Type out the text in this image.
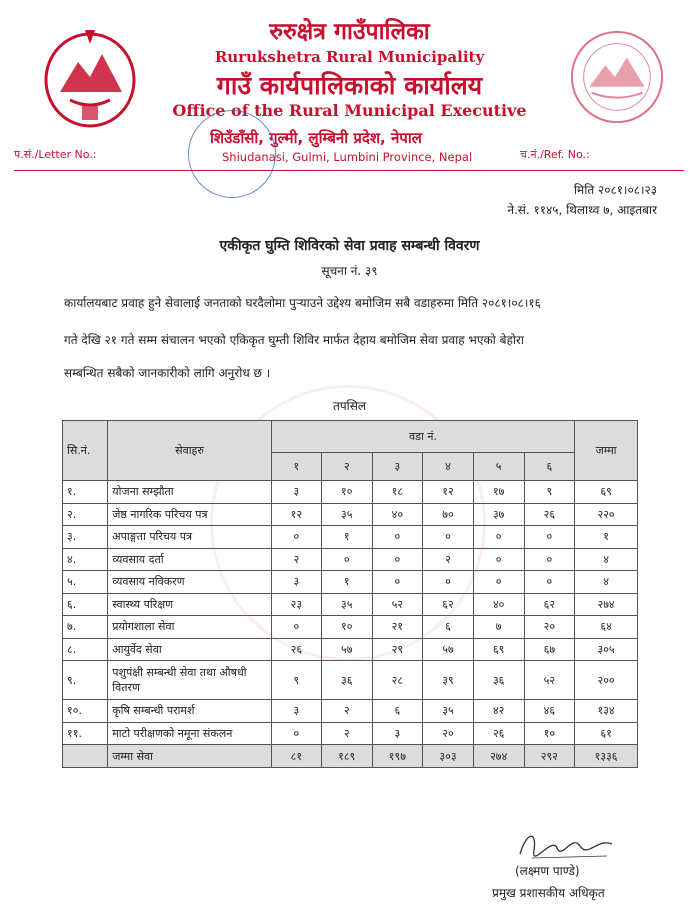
रुरुक्षेत्र गाउँपालिका
Rurukshetra Rural Municipality
गाउँ कार्यपालिकाको कार्यालय
Office of the Rural Municipal Executive
शिउँडाँसी, गुल्मी, लुम्बिनी प्रदेश, नेपाल
Shiudanasi, Gulmi, Lumbini Province, Nepal
प.सं./Letter No.:	च.नं./Ref. No.:
मिति २०८१।०८।२३
ने.सं. ११४५, थिलाथ्व ७, आइतबार
एकीकृत घुम्ति शिविरको सेवा प्रवाह सम्बन्धी विवरण
सूचना नं. ३९
कार्यालयबाट प्रवाह हुने सेवालाई जनताको घरदैलोमा पुऱ्याउने उद्देश्य बमोजिम सबै वडाहरुमा मिति २०८१।०८।१६
गते देखि २१ गते सम्म संचालन भएको एकिकृत घुम्ती शिविर मार्फत देहाय बमोजिम सेवा प्रवाह भएको बेहोरा
सम्बन्धित सबैको जानकारीको लागि अनुरोध छ ।
तपसिल
सि.नं.	सेवाहरु	वडा नं.						जम्मा
		१	२	३	४	५	६	
१.	योजना सम्झौता	३	१०	१८	१२	१७	९	६९
२.	जेष्ठ नागरिक परिचय पत्र	१२	३५	४०	७०	३७	२६	२२०
३.	अपाङ्गता परिचय पत्र	०	१	०	०	०	०	१
४.	व्यवसाय दर्ता	२	०	०	२	०	०	४
५.	व्यवसाय नविकरण	३	१	०	०	०	०	४
६.	स्वास्थ्य परिक्षण	२३	३५	५२	६२	४०	६२	२७४
७.	प्रयोगशाला सेवा	०	१०	२१	६	७	२०	६४
८.	आयुर्वेद सेवा	२६	५७	२९	५७	६९	६७	३०५
९.	पशुपंक्षी सम्बन्धी सेवा तथा औषधी वितरण	९	३६	२८	३९	३६	५२	२००
१०.	कृषि सम्बन्धी परामर्श	३	२	६	३५	४२	४६	१३४
११.	माटो परीक्षणको नमूना संकलन	०	२	३	२०	२६	१०	६१
	जम्मा सेवा	८१	१८९	१९७	३०३	२७४	२९२	१३३६
(लक्ष्मण पाण्डे)
प्रमुख प्रशासकीय अधिकृत
